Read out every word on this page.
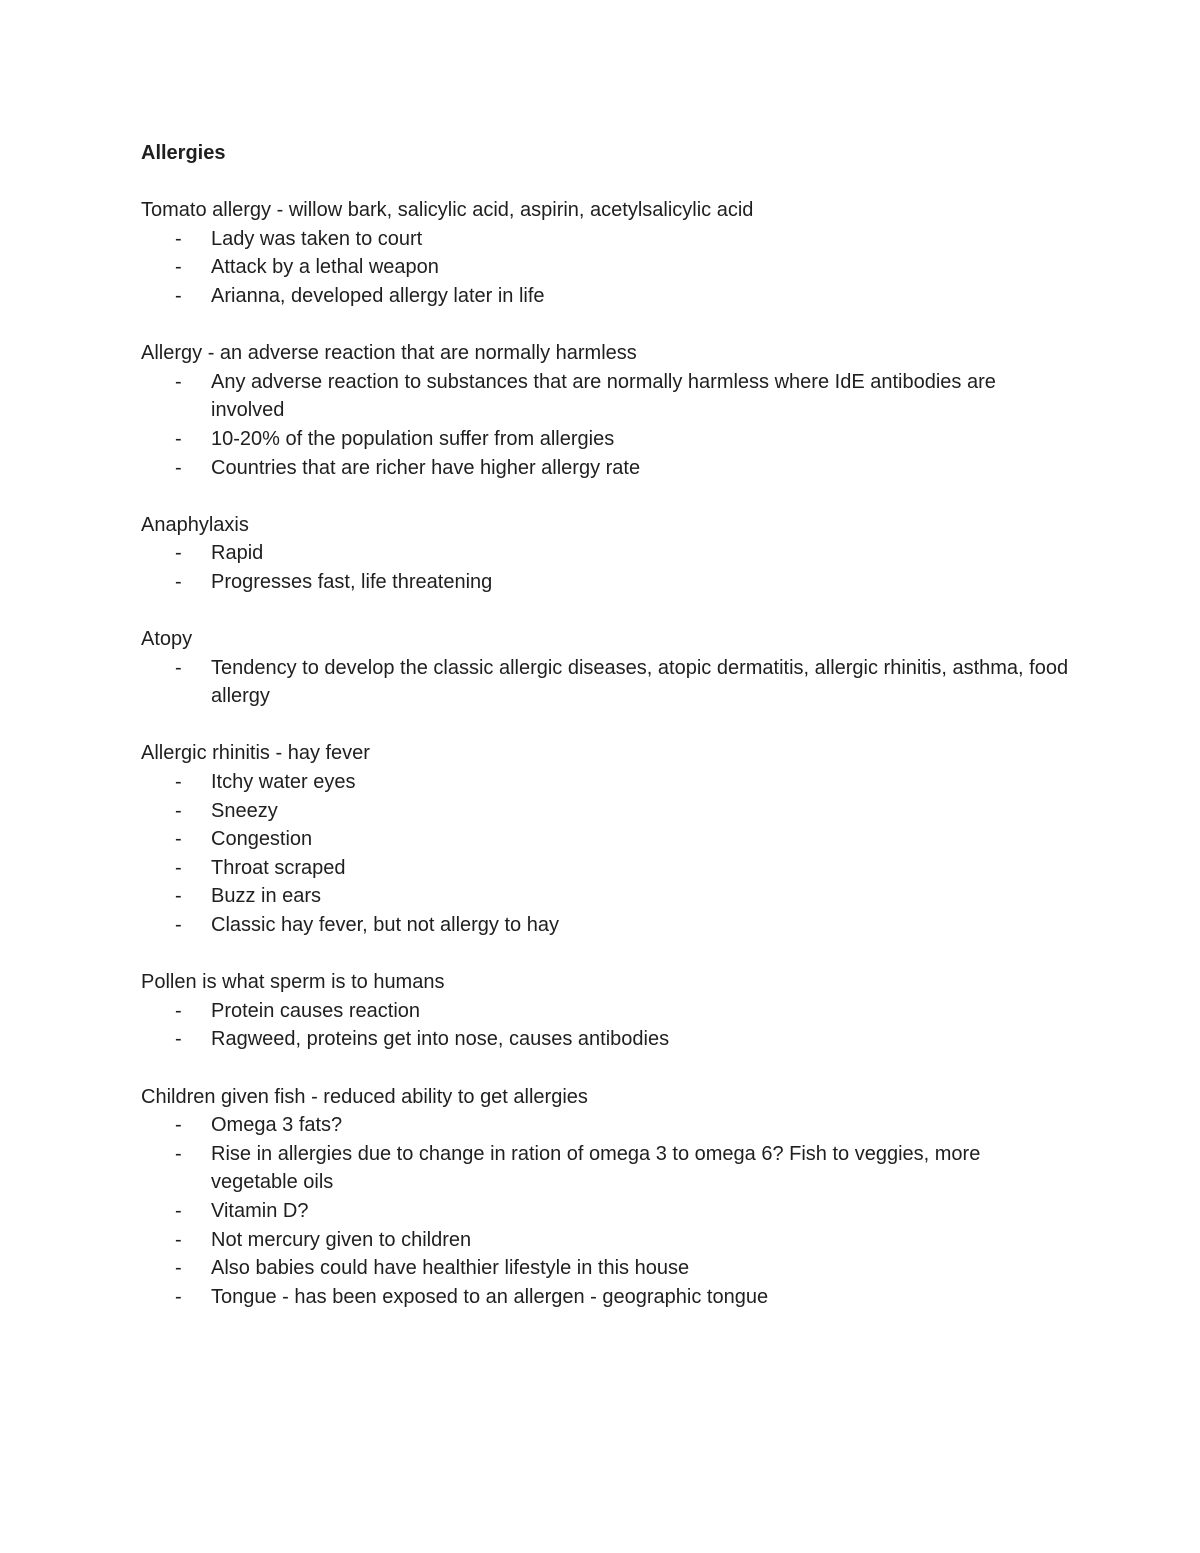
Allergies
Tomato allergy - willow bark, salicylic acid, aspirin, acetylsalicylic acid
- Lady was taken to court
- Attack by a lethal weapon
- Arianna, developed allergy later in life
Allergy - an adverse reaction that are normally harmless
- Any adverse reaction to substances that are normally harmless where IdE antibodies are involved
- 10-20% of the population suffer from allergies
- Countries that are richer have higher allergy rate
Anaphylaxis
- Rapid
- Progresses fast, life threatening
Atopy
- Tendency to develop the classic allergic diseases, atopic dermatitis, allergic rhinitis, asthma, food allergy
Allergic rhinitis - hay fever
- Itchy water eyes
- Sneezy
- Congestion
- Throat scraped
- Buzz in ears
- Classic hay fever, but not allergy to hay
Pollen is what sperm is to humans
- Protein causes reaction
- Ragweed, proteins get into nose, causes antibodies
Children given fish - reduced ability to get allergies
- Omega 3 fats?
- Rise in allergies due to change in ration of omega 3 to omega 6? Fish to veggies, more vegetable oils
- Vitamin D?
- Not mercury given to children
- Also babies could have healthier lifestyle in this house
- Tongue - has been exposed to an allergen - geographic tongue
